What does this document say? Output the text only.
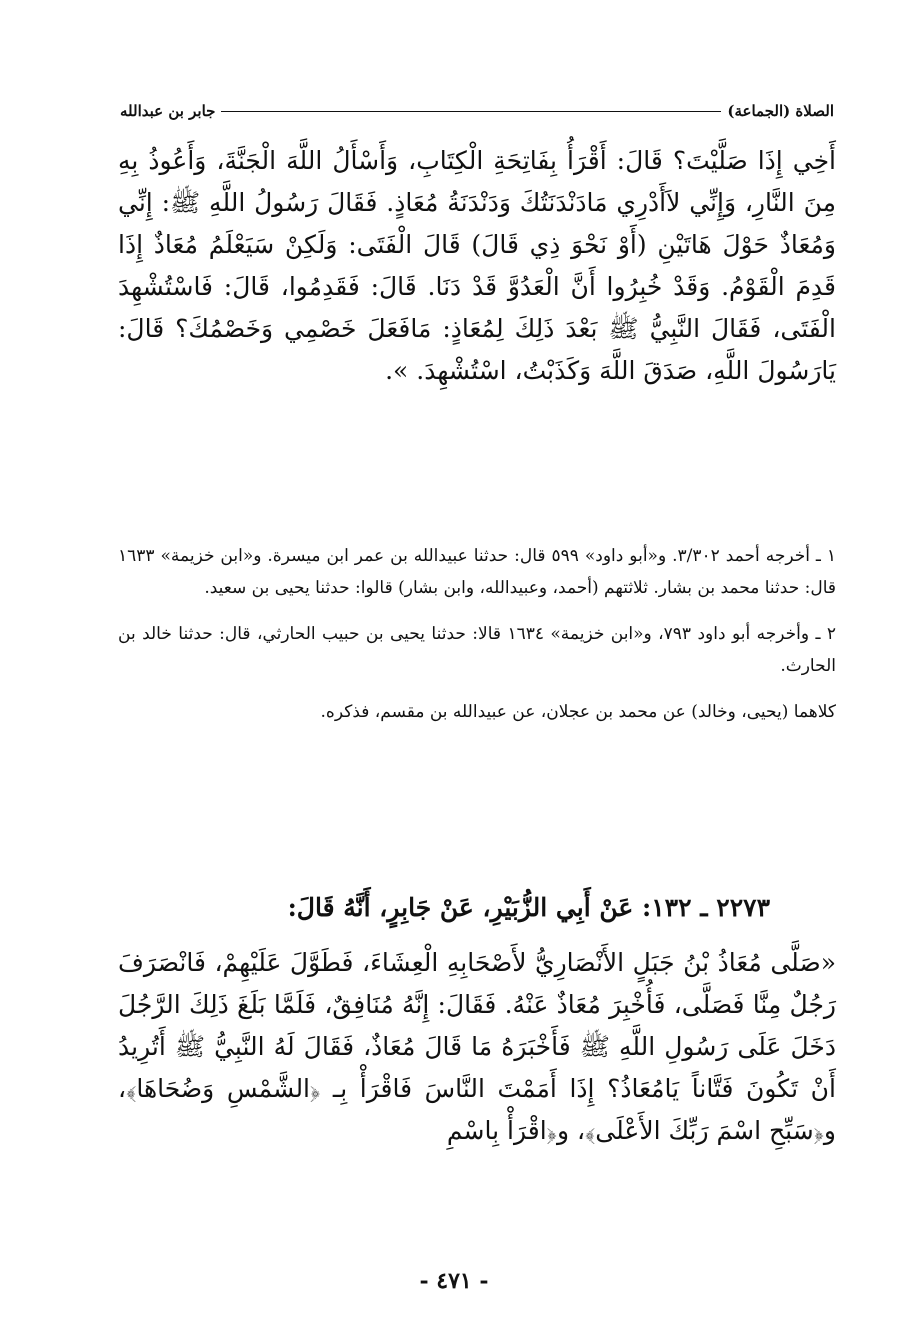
الصلاة (الجماعة)
جابر بن عبدالله
أَخِي إِذَا صَلَّيْتَ؟ قَالَ: أَقْرَأُ بِفَاتِحَةِ الْكِتَابِ، وَأَسْأَلُ اللَّهَ الْجَنَّةَ، وَأَعُوذُ بِهِ مِنَ النَّارِ، وَإِنِّي لاَأَدْرِي مَادَنْدَنَتُكَ وَدَنْدَنَةُ مُعَاذٍ. فَقَالَ رَسُولُ اللَّهِ ﷺ: إِنِّي وَمُعَاذٌ حَوْلَ هَاتَيْنِ (أَوْ نَحْوَ ذِي قَالَ) قَالَ الْفَتَى: وَلَكِنْ سَيَعْلَمُ مُعَاذٌ إِذَا قَدِمَ الْقَوْمُ. وَقَدْ خُبِرُوا أَنَّ الْعَدُوَّ قَدْ دَنَا. قَالَ: فَقَدِمُوا، قَالَ: فَاسْتُشْهِدَ الْفَتَى، فَقَالَ النَّبِيُّ ﷺ بَعْدَ ذَلِكَ لِمُعَاذٍ: مَافَعَلَ خَصْمِي وَخَصْمُكَ؟ قَالَ: يَارَسُولَ اللَّهِ، صَدَقَ اللَّهَ وَكَذَبْتُ، اسْتُشْهِدَ. ».

١ ـ أخرجه أحمد ٣/٣٠٢. و«أبو داود» ٥٩٩ قال: حدثنا عبيدالله بن عمر ابن ميسرة. و«ابن خزيمة» ١٦٣٣ قال: حدثنا محمد بن بشار. ثلاثتهم (أحمد، وعبيدالله، وابن بشار) قالوا: حدثنا يحيى بن سعيد.

٢ ـ وأخرجه أبو داود ٧٩٣، و«ابن خزيمة» ١٦٣٤ قالا: حدثنا يحيى بن حبيب الحارثي، قال: حدثنا خالد بن الحارث.

كلاهما (يحيى، وخالد) عن محمد بن عجلان، عن عبيدالله بن مقسم، فذكره.

٢٢٧٣ ـ ١٣٢: عَنْ أَبِي الزُّبَيْرِ، عَنْ جَابِرٍ، أَنَّهُ قَالَ:
«صَلَّى مُعَاذُ بْنُ جَبَلٍ الأَنْصَارِيُّ لأَصْحَابِهِ الْعِشَاءَ، فَطَوَّلَ عَلَيْهِمْ، فَانْصَرَفَ رَجُلٌ مِنَّا فَصَلَّى، فَأُخْبِرَ مُعَاذٌ عَنْهُ. فَقَالَ: إِنَّهُ مُنَافِقٌ، فَلَمَّا بَلَغَ ذَلِكَ الرَّجُلَ دَخَلَ عَلَى رَسُولِ اللَّهِ ﷺ فَأَخْبَرَهُ مَا قَالَ مُعَاذٌ، فَقَالَ لَهُ النَّبِيُّ ﷺ أَتُرِيدُ أَنْ تَكُونَ فَتَّاناً يَامُعَاذُ؟ إِذَا أَمَمْتَ النَّاسَ فَاقْرَأْ بِـ ﴿الشَّمْسِ وَضُحَاهَا﴾، و﴿سَبِّحِ اسْمَ رَبِّكَ الأَعْلَى﴾، و﴿اقْرَأْ بِاسْمِ
- ٤٧١ -
